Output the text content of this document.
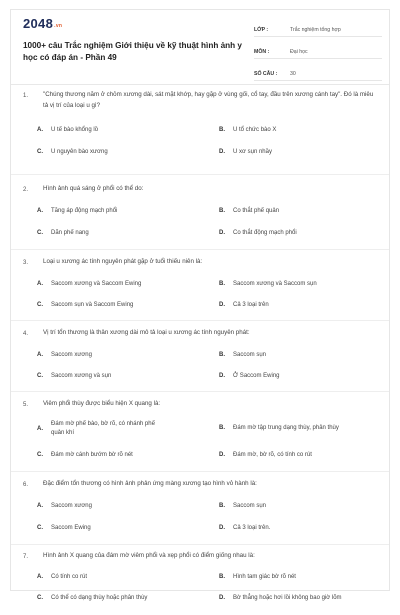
2048.vn
1000+ câu Trắc nghiệm Giới thiệu về kỹ thuật hình ảnh y học có đáp án - Phần 49
LỚP :	Trắc nghiệm tổng hợp
MÔN :	Đại học
SỐ CÂU :	30
1. "Chúng thương năm ở chỏm xương dài, sát mặt khớp, hay gặp ở vùng gối, cổ tay, đầu trên xương cánh tay". Đó là miêu tả vị trí của loại u gì?
A.	U tế bào khổng lồ	B.	U tổ chức bào X
C.	U nguyên bào xương	D.	U xơ sụn nhầy
2. Hình ảnh quá sáng ở phổi có thể do:
A.	Tăng áp động mạch phổi	B.	Co thắt phế quản
C.	Dãn phế nang	D.	Co thắt động mạch phổi
3. Loại u xương ác tính nguyên phát gặp ở tuổi thiếu niên là:
A.	Saccom xương và Saccom Ewing	B.	Saccom xương và Saccom sụn
C.	Saccom sụn và Saccom Ewing	D.	Cả 3 loại trên
4. Vị trí tổn thương là thân xương dài mô tả loại u xương ác tính nguyên phát:
A.	Saccom xương	B.	Saccom sụn
C.	Saccom xương và sụn	D.	Ở Saccom Ewing
5. Viêm phổi thùy được biểu hiện X quang là:
A.
Đám mờ phế bào, bờ rõ, có nhánh phế quản khí
B.	Đám mờ tập trung dạng thùy, phân thùy
C.	Đám mờ cánh bướm bờ rõ nét	D.	Đám mờ, bờ rõ, có tính co rút
6. Đặc điểm tổn thương có hình ảnh phản ứng màng xương tạo hình vỏ hành là:
A.	Saccom xương	B.	Saccom sụn
C.	Saccom Ewing	D.	Cả 3 loại trên.
7. Hình ảnh X quang của đám mờ viêm phổi và xẹp phổi có điểm giống nhau là:
A.	Có tính co rút	B.	Hình tam giác bờ rõ nét
C.	Có thể có dạng thùy hoặc phân thùy	D.	Bờ thẳng hoặc hơi lồi không bao giờ lõm
